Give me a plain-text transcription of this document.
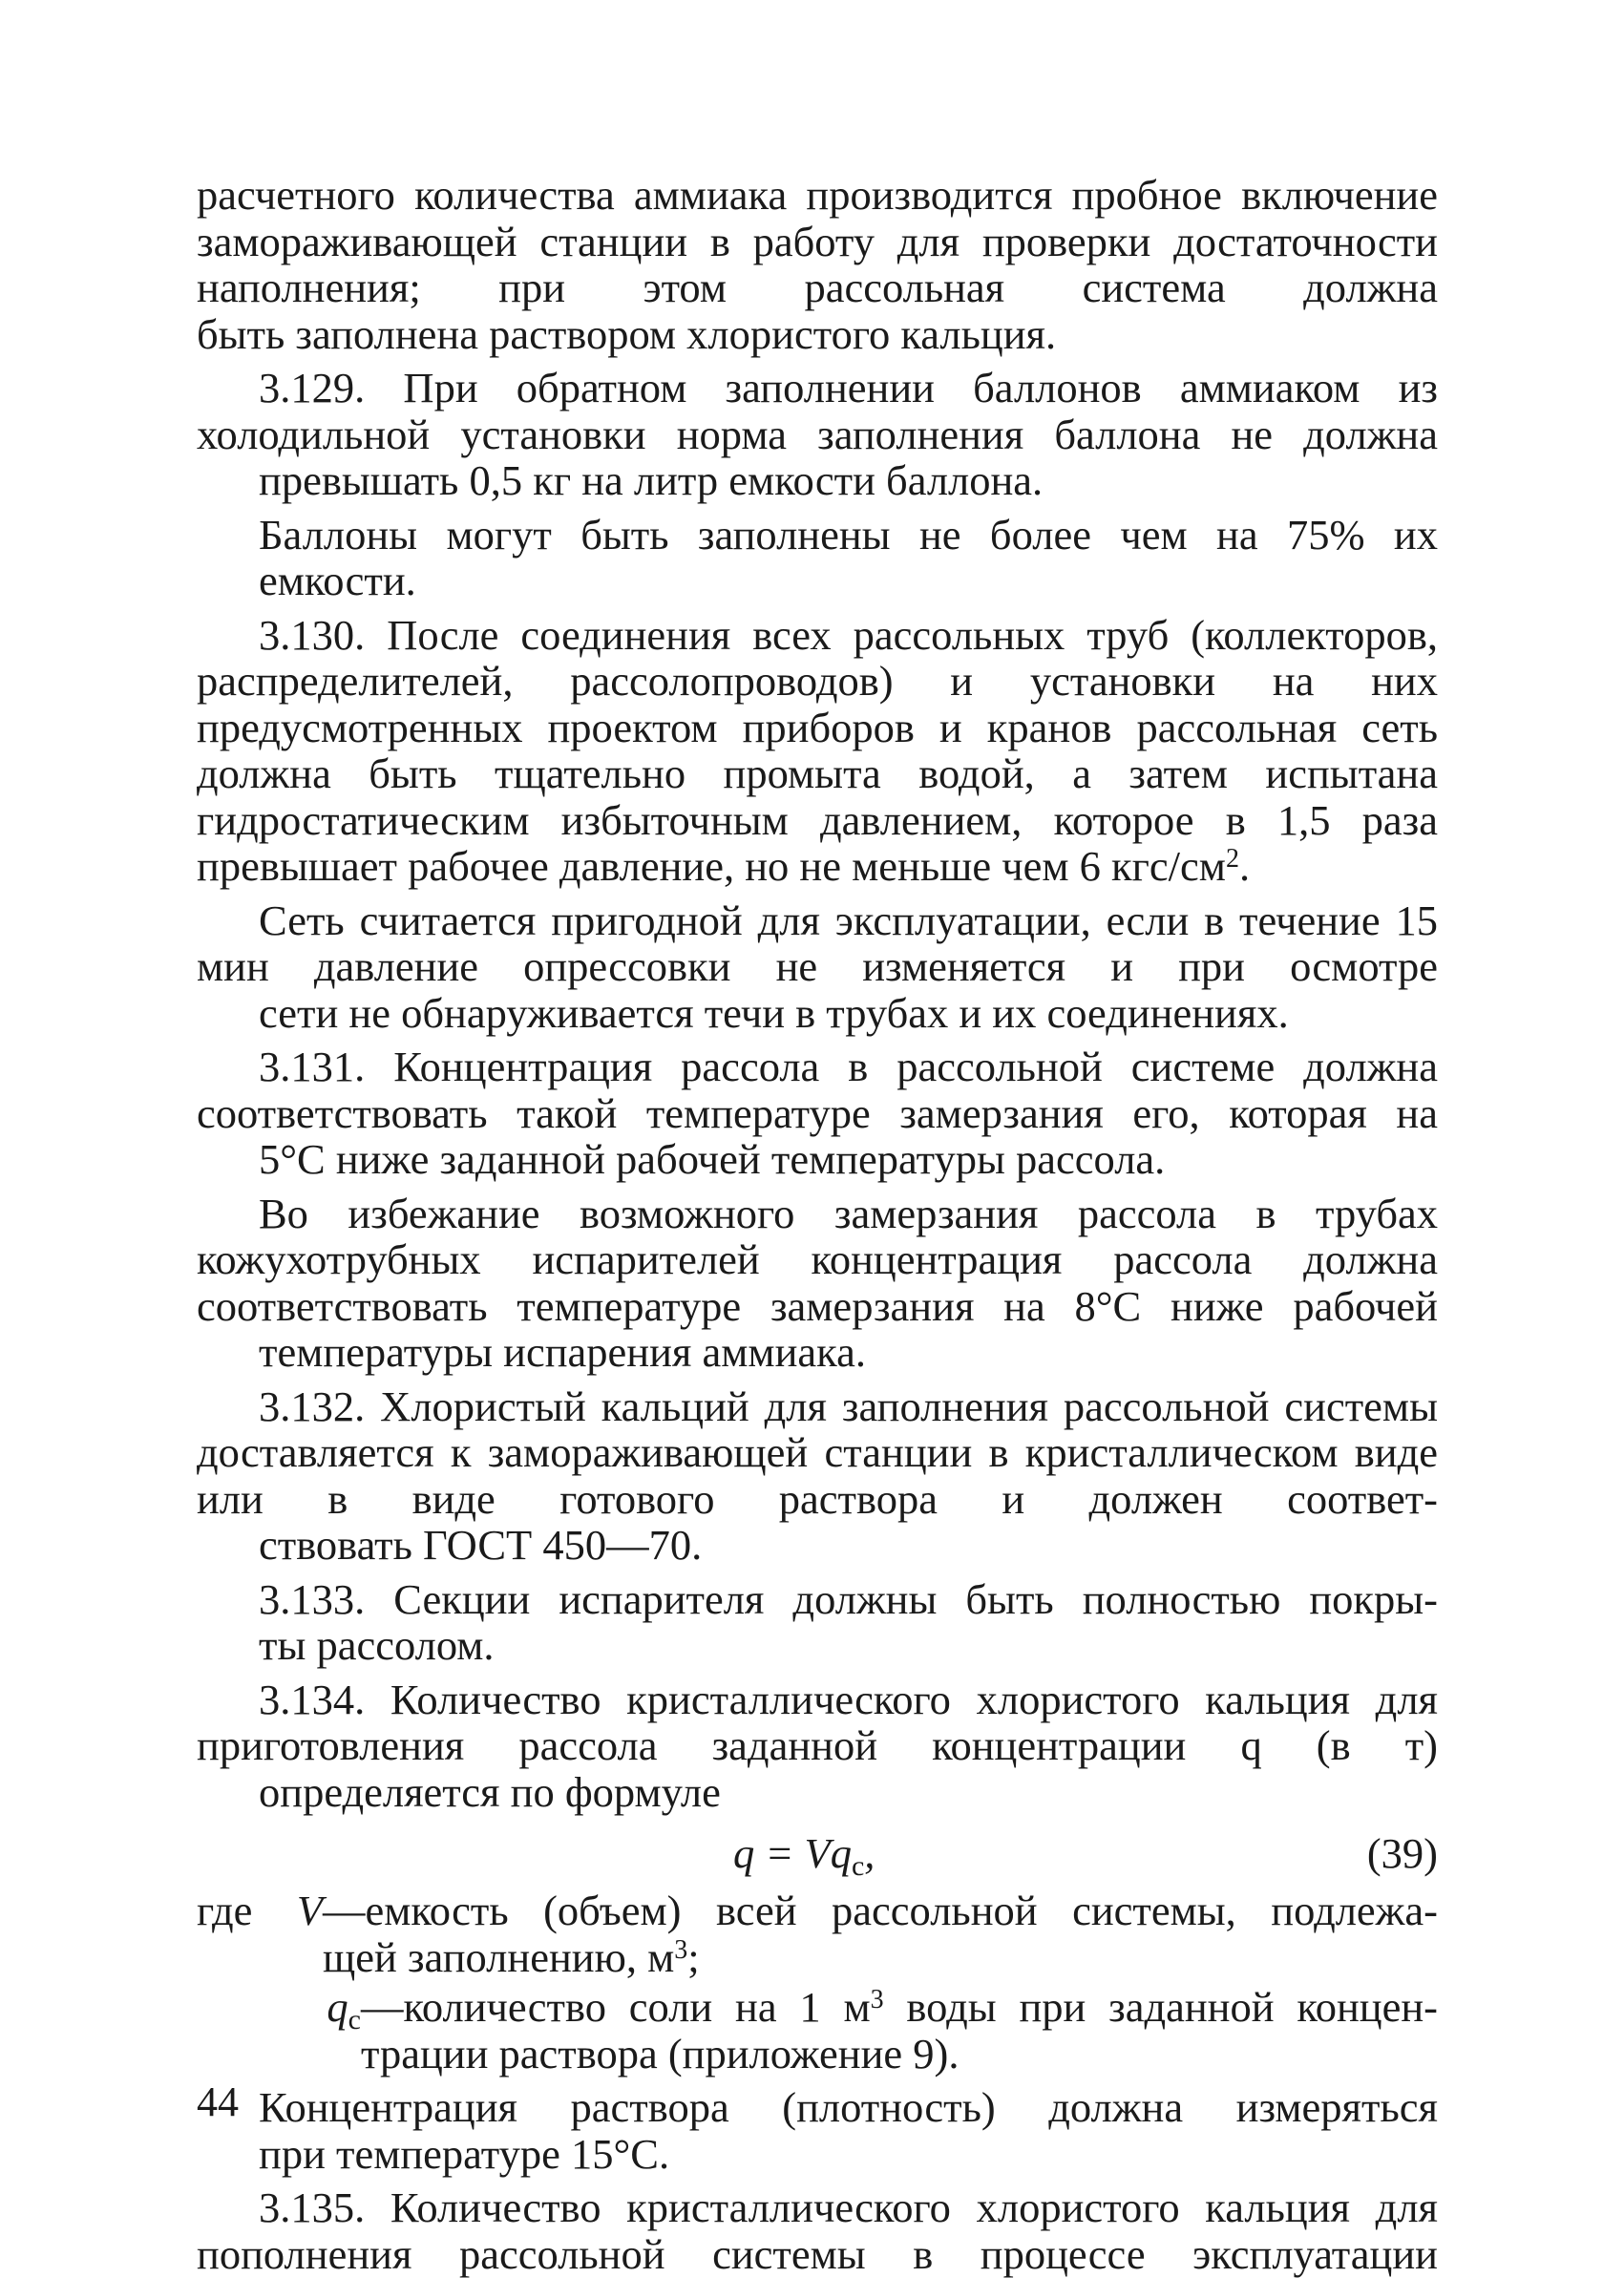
расчетного количества аммиака производится пробное включение замораживающей станции в работу для проверки достаточности наполнения; при этом рассольная система должна
быть заполнена раствором хлористого кальция.

3.129. При обратном заполнении баллонов аммиаком из холодильной установки норма заполнения баллона не должна
превышать 0,5 кг на литр емкости баллона.

Баллоны могут быть заполнены не более чем на 75% их
емкости.

3.130. После соединения всех рассольных труб (коллекторов, распределителей, рассолопроводов) и установки на них предусмотренных проектом приборов и кранов рассольная сеть должна быть тщательно промыта водой, а затем испытана гидростатическим избыточным давлением, которое в 1,5 раза превышает рабочее давление, но не меньше чем 6 кгс/$см^2$.

Сеть считается пригодной для эксплуатации, если в течение 15 мин давление опрессовки не изменяется и при осмотре
сети не обнаруживается течи в трубах и их соединениях.

3.131. Концентрация рассола в рассольной системе должна соответствовать такой температуре замерзания его, которая на
5°С ниже заданной рабочей температуры рассола.

Во избежание возможного замерзания рассола в трубах кожухотрубных испарителей концентрация рассола должна соответствовать температуре замерзания на 8°С ниже рабочей
температуры испарения аммиака.

3.132. Хлористый кальций для заполнения рассольной системы доставляется к замораживающей станции в кристаллическом виде или в виде готового раствора и должен соответ-
ствовать ГОСТ 450—70.

3.133. Секции испарителя должны быть полностью покры-
ты рассолом.

3.134. Количество кристаллического хлористого кальция для приготовления рассола заданной концентрации q (в т)
определяется по формуле

$q = Vq_c$,	(39)
где	V —емкость (объем) всей рассольной системы, подлежа-
щей заполнению, $м^3$;
$q_c$ —количество соли на 1 $м^3$ воды при заданной концен-
трации раствора (приложение 9).

Концентрация раствора (плотность) должна измеряться
при температуре 15°С.

3.135. Количество кристаллического хлористого кальция для пополнения рассольной системы в процессе эксплуатации

44
